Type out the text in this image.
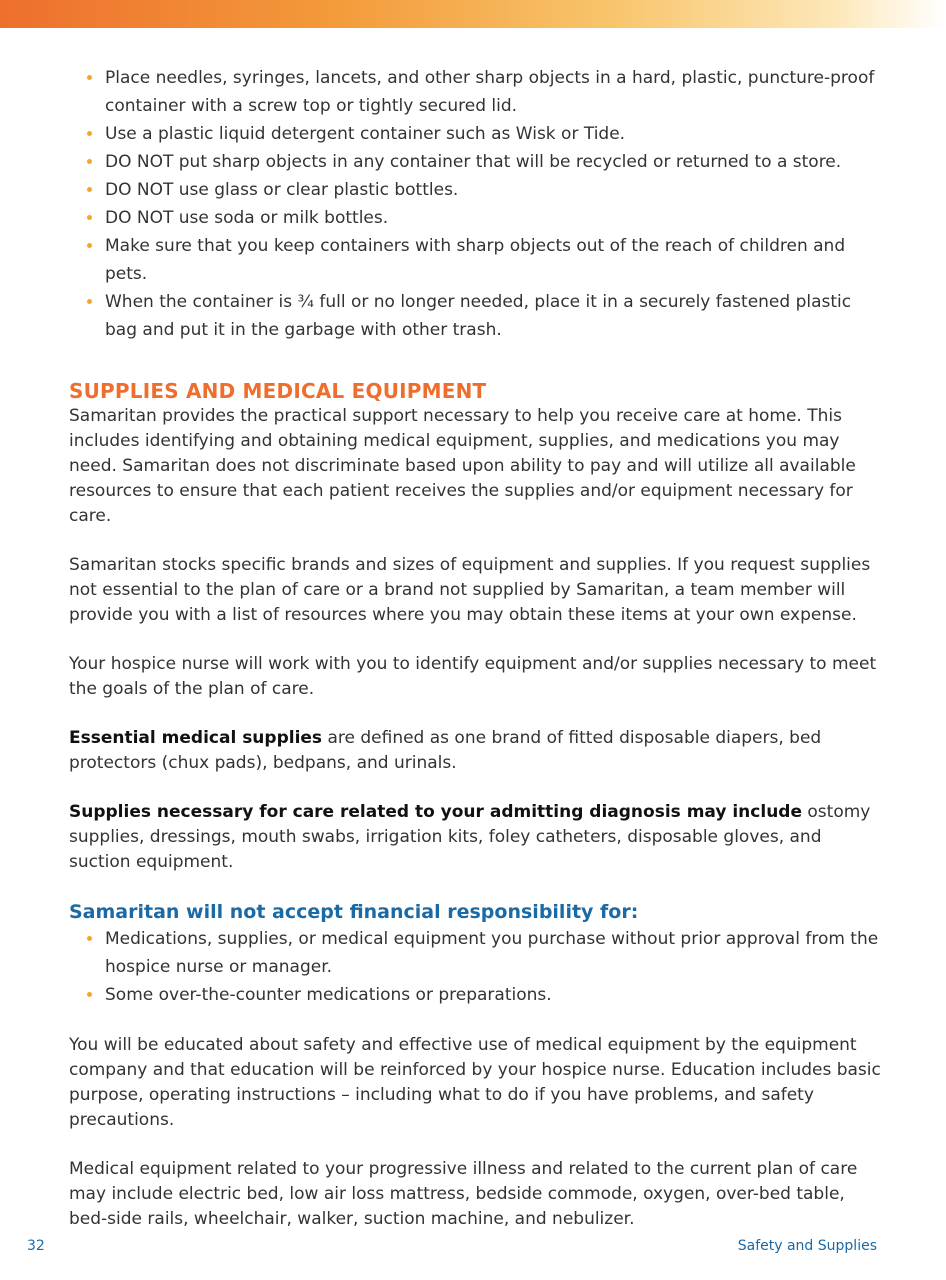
Place needles, syringes, lancets, and other sharp objects in a hard, plastic, puncture-proof container with a screw top or tightly secured lid.
Use a plastic liquid detergent container such as Wisk or Tide.
DO NOT put sharp objects in any container that will be recycled or returned to a store.
DO NOT use glass or clear plastic bottles.
DO NOT use soda or milk bottles.
Make sure that you keep containers with sharp objects out of the reach of children and pets.
When the container is ¾ full or no longer needed, place it in a securely fastened plastic bag and put it in the garbage with other trash.
SUPPLIES AND MEDICAL EQUIPMENT

Samaritan provides the practical support necessary to help you receive care at home. This includes identifying and obtaining medical equipment, supplies, and medications you may need. Samaritan does not discriminate based upon ability to pay and will utilize all available resources to ensure that each patient receives the supplies and/or equipment necessary for care.

Samaritan stocks specific brands and sizes of equipment and supplies. If you request supplies not essential to the plan of care or a brand not supplied by Samaritan, a team member will provide you with a list of resources where you may obtain these items at your own expense.

Your hospice nurse will work with you to identify equipment and/or supplies necessary to meet the goals of the plan of care.

Essential medical supplies are defined as one brand of fitted disposable diapers, bed protectors (chux pads), bedpans, and urinals.

Supplies necessary for care related to your admitting diagnosis may include ostomy supplies, dressings, mouth swabs, irrigation kits, foley catheters, disposable gloves, and suction equipment.

Samaritan will not accept financial responsibility for:
Medications, supplies, or medical equipment you purchase without prior approval from the hospice nurse or manager.
Some over-the-counter medications or preparations.

You will be educated about safety and effective use of medical equipment by the equipment company and that education will be reinforced by your hospice nurse. Education includes basic purpose, operating instructions – including what to do if you have problems, and safety precautions.

Medical equipment related to your progressive illness and related to the current plan of care may include electric bed, low air loss mattress, bedside commode, oxygen, over-bed table, bed-side rails, wheelchair, walker, suction machine, and nebulizer.

32	Safety and Supplies
